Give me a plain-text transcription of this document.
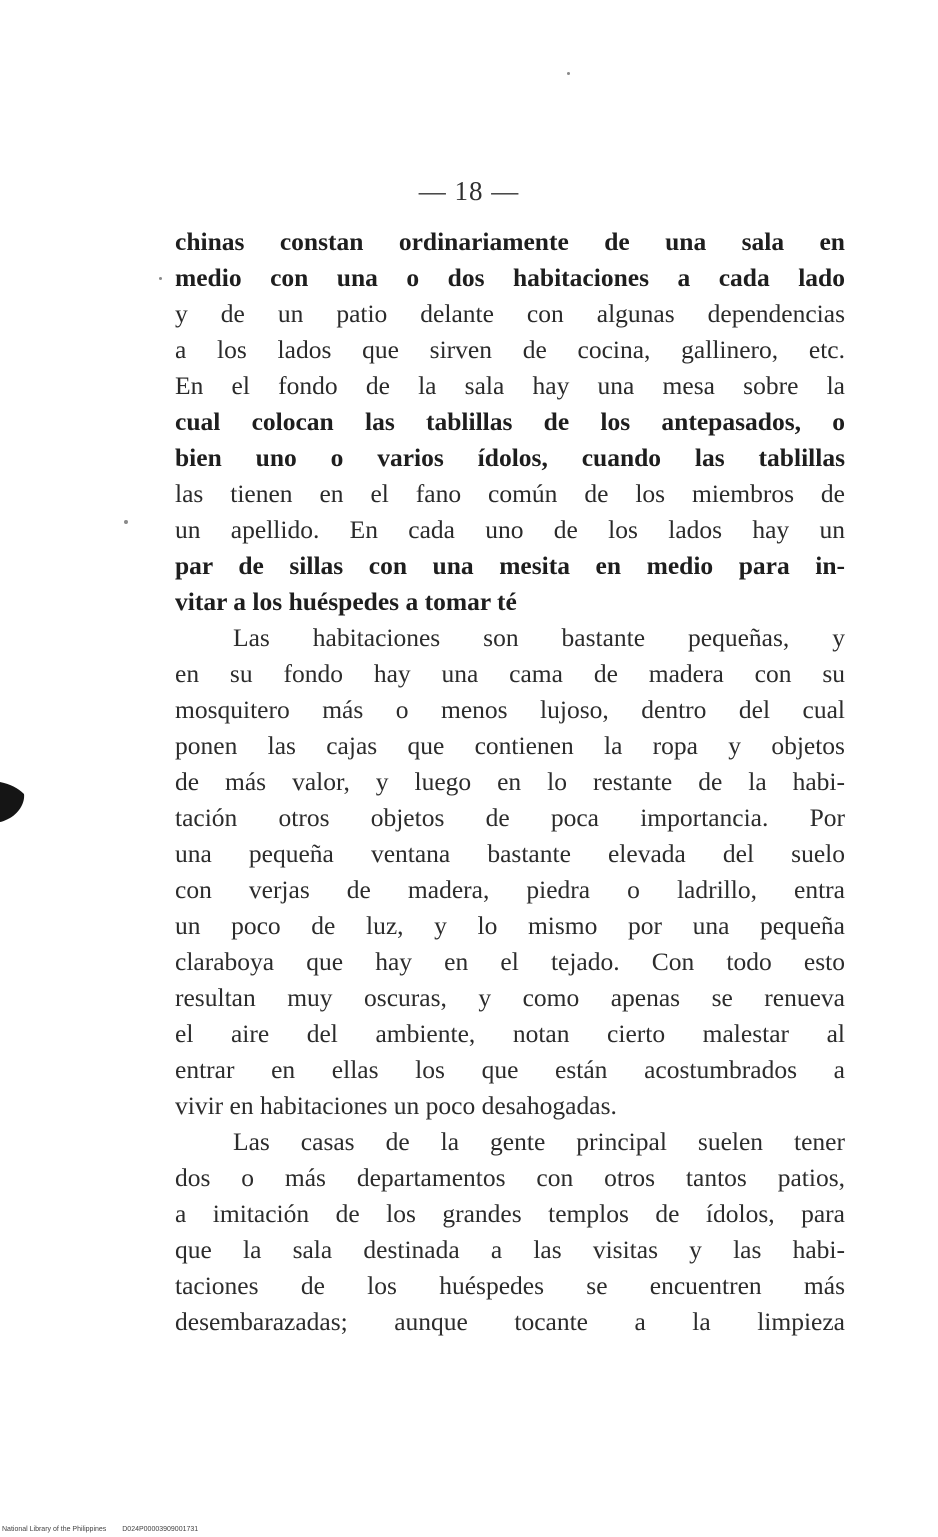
— 18 —
chinas constan ordinariamente de una sala en
medio con una o dos habitaciones a cada lado
y de un patio delante con algunas dependencias
a los lados que sirven de cocina, gallinero, etc.
En el fondo de la sala hay una mesa sobre la
cual colocan las tablillas de los antepasados, o
bien uno o varios ídolos, cuando las tablillas
las tienen en el fano común de los miembros de
un apellido. En cada uno de los lados hay un
par de sillas con una mesita en medio para in-
vitar a los huéspedes a tomar té
Las habitaciones son bastante pequeñas, y
en su fondo hay una cama de madera con su
mosquitero más o menos lujoso, dentro del cual
ponen las cajas que contienen la ropa y objetos
de más valor, y luego en lo restante de la habi-
tación otros objetos de poca importancia. Por
una pequeña ventana bastante elevada del suelo
con verjas de madera, piedra o ladrillo, entra
un poco de luz, y lo mismo por una pequeña
claraboya que hay en el tejado. Con todo esto
resultan muy oscuras, y como apenas se renueva
el aire del ambiente, notan cierto malestar al
entrar en ellas los que están acostumbrados a
vivir en habitaciones un poco desahogadas.
Las casas de la gente principal suelen tener
dos o más departamentos con otros tantos patios,
a imitación de los grandes templos de ídolos, para
que la sala destinada a las visitas y las habi-
taciones de los huéspedes se encuentren más
desembarazadas; aunque tocante a la limpieza
National Library of the Philippines D024P00003909001731
